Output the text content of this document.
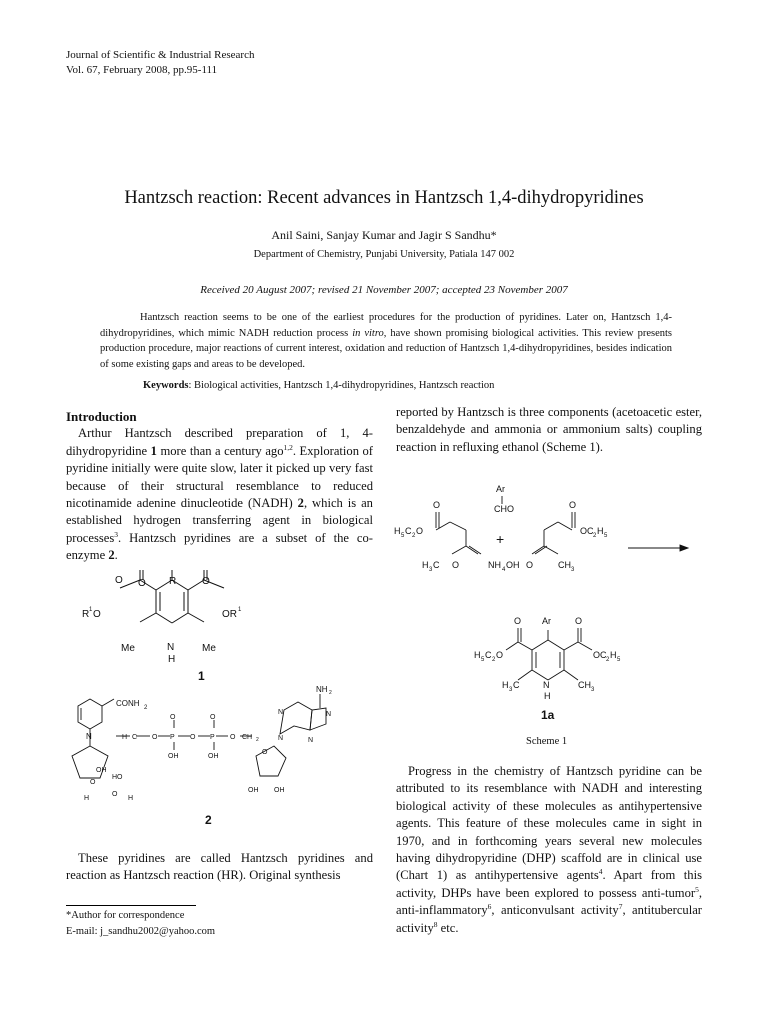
Journal of Scientific & Industrial Research
Vol. 67, February 2008, pp.95-111
Hantzsch reaction: Recent advances in Hantzsch 1,4-dihydropyridines
Anil Saini, Sanjay Kumar and Jagir S Sandhu*
Department of Chemistry, Punjabi University, Patiala 147 002
Received 20 August 2007; revised 21 November 2007; accepted 23 November 2007
Hantzsch reaction seems to be one of the earliest procedures for the production of pyridines. Later on, Hantzsch 1,4-dihydropyridines, which mimic NADH reduction process in vitro, have shown promising biological activities. This review presents production procedure, major reactions of current interest, oxidation and reduction of Hantzsch 1,4-dihydropyridines, besides indication of some existing gaps and areas to be developed.
Keywords: Biological activities, Hantzsch 1,4-dihydropyridines, Hantzsch reaction
Introduction

Arthur Hantzsch described preparation of 1, 4-dihydropyridine 1 more than a century ago$^{1,2}$. Exploration of pyridine initially were quite slow, later it picked up very fast because of their structural resemblance to reduced nicotinamide adenine dinucleotide (NADH) 2, which is an established hydrogen transferring agent in biological processes$^3$. Hantzsch pyridines are a subset of the co-enzyme 2.

O
O	R	O
R 1 O	OR 1
Me	Me
N
H
1
CONH 2
N	H C O P
O
OH
O P
O
OH
O CH 2
NH 2
N	N
N
N
O
OH
HO
O
H	H
O
OH OH
2

These pyridines are called Hantzsch pyridines and reaction as Hantzsch reaction (HR). Original synthesis

*Author for correspondence
E-mail: j_sandhu2002@yahoo.com

reported by Hantzsch is three components (acetoacetic ester, benzaldehyde and ammonia or ammonium salts) coupling reaction in refluxing ethanol (Scheme 1).

O
H 5 C 2 O
H 3 C O
Ar
CHO
+
NH 4 OH
O
OC 2 H 5
O	CH 3
Ar
O	O
H 5 C 2 O	OC 2 H 5
H 3 C	N	CH 3
H
1a
Scheme 1

Progress in the chemistry of Hantzsch pyridine can be attributed to its resemblance with NADH and interesting biological activity of these molecules as antihypertensive agents. This feature of these molecules came in sight in 1970, and in forthcoming years several new molecules having dihydropyridine (DHP) scaffold are in clinical use (Chart 1) as antihypertensive agents$^4$. Apart from this activity, DHPs have been explored to possess anti-tumor$^5$, anti-inflammatory$^6$, anticonvulsant activity$^7$, antitubercular activity$^8$ etc.
